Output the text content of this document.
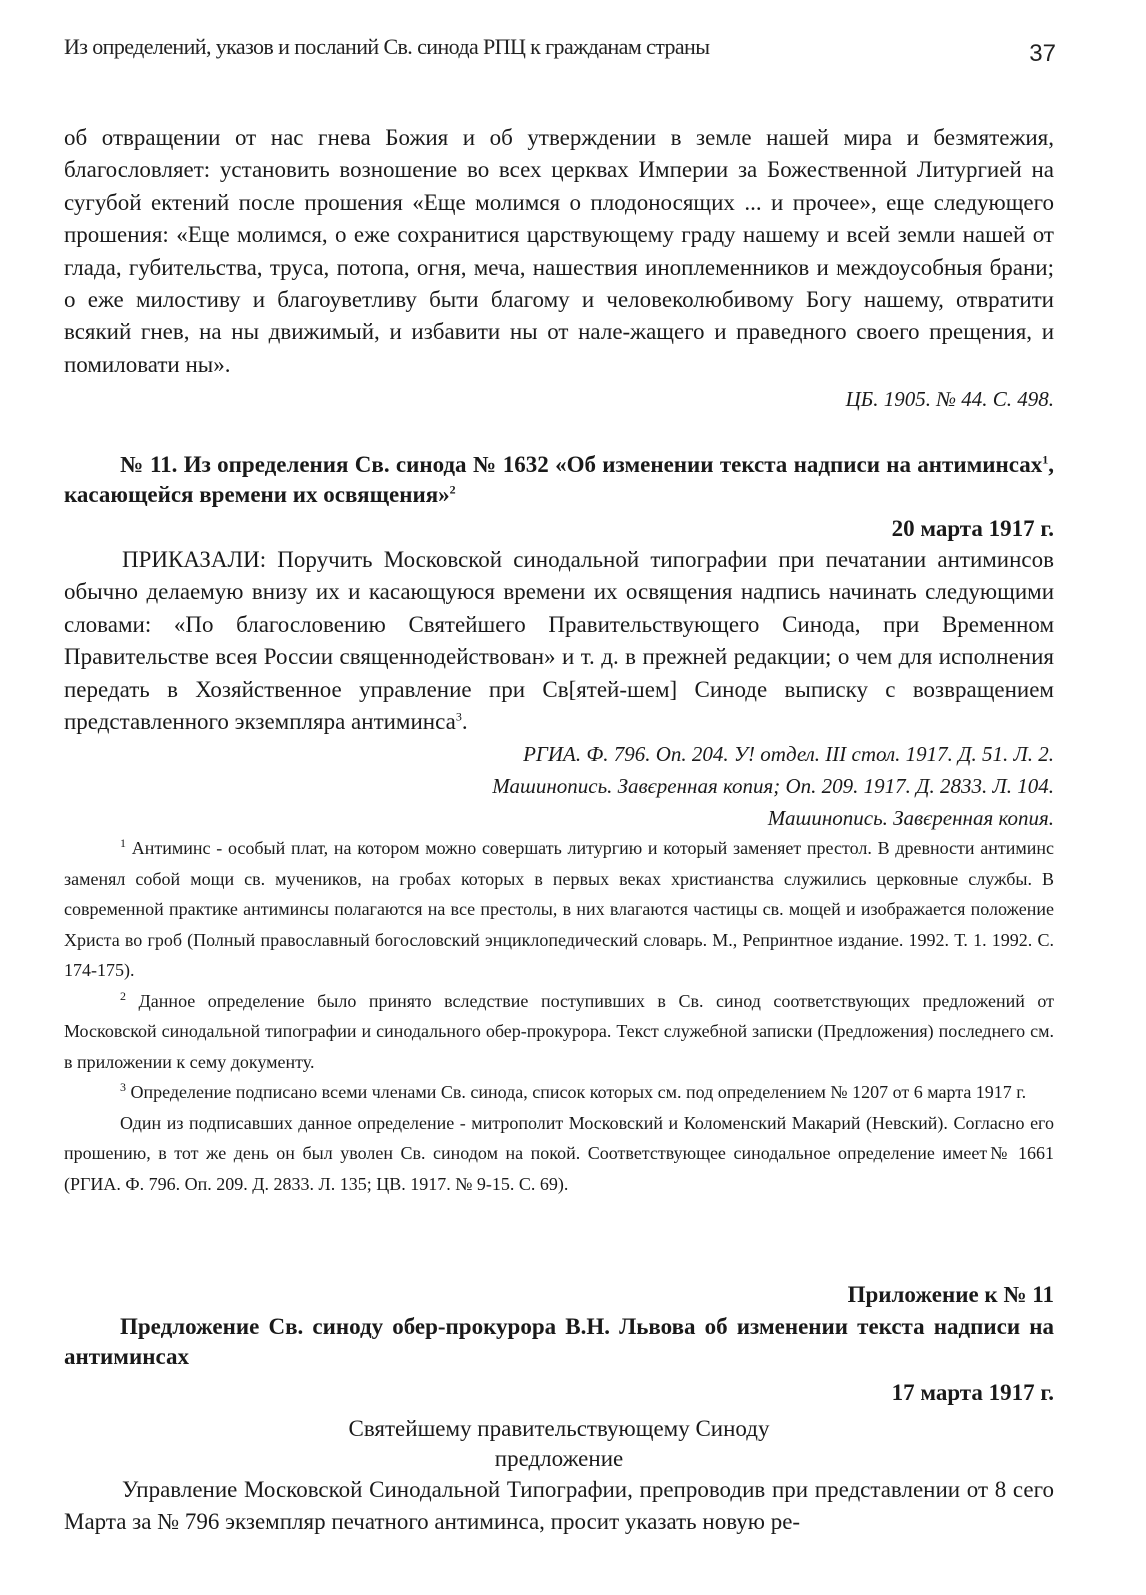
Из определений, указов и посланий Св. синода РПЦ к гражданам страны	37

об отвращении от нас гнева Божия и об утверждении в земле нашей мира и безмятежия, благословляет: установить возношение во всех церквах Империи за Божественной Литургией на сугубой ектений после прошения «Еще молимся о плодоносящих ... и прочее», еще следующего прошения: «Еще молимся, о еже сохранитися царствующему граду нашему и всей земли нашей от глада, губительства, труса, потопа, огня, меча, нашествия иноплеменников и междоусобныя брани; о еже милостиву и благоуветливу быти благому и человеколюбивому Богу нашему, отвратити всякий гнев, на ны движимый, и избавити ны от нале-жащего и праведного своего прещения, и помиловати ны».

ЦБ. 1905. № 44. С. 498.

№ 11. Из определения Св. синода № 1632 «Об изменении текста надписи на антиминсах$^1$, касающейся времени их освящения»$^2$

20 марта 1917 г.

ПРИКАЗАЛИ: Поручить Московской синодальной типографии при печатании антиминсов обычно делаемую внизу их и касающуюся времени их освящения надпись начинать следующими словами: «По благословению Святейшего Правительствующего Синода, при Временном Правительстве всея России священнодействован» и т. д. в прежней редакции; о чем для исполнения передать в Хозяйственное управление при Св[ятей-шем] Синоде выписку с возвращением представленного экземпляра антиминса$^3$.

РГИА. Ф. 796. Оп. 204. У! отдел. III стол. 1917. Д. 51. Л. 2.

Машинопись. Завєренная копия; Оп. 209. 1917. Д. 2833. Л. 104.

Машинопись. Завєренная копия.

$^1$ Антиминс - особый плат, на котором можно совершать литургию и который заменяет престол. В древности антиминс заменял собой мощи св. мучеников, на гробах которых в первых веках христианства служились церковные службы. В современной практике антиминсы полагаются на все престолы, в них влагаются частицы св. мощей и изображается положение Христа во гроб (Полный православный богословский энциклопедический словарь. М., Репринтное издание. 1992. Т. 1. 1992. С. 174-175).

$^2$ Данное определение было принято вследствие поступивших в Св. синод соответствующих предложений от Московской синодальной типографии и синодального обер-прокурора. Текст служебной записки (Предложения) последнего см. в приложении к сему документу.

$^3$ Определение подписано всеми членами Св. синода, список которых см. под определением № 1207 от 6 марта 1917 г.

Один из подписавших данное определение - митрополит Московский и Коломенский Макарий (Невский). Согласно его прошению, в тот же день он был уволен Св. синодом на покой. Соответствующее синодальное определение имеет№ 1661 (РГИА. Ф. 796. Оп. 209. Д. 2833. Л. 135; ЦВ. 1917. № 9-15. С. 69).

Приложение к № 11

Предложение Св. синоду обер-прокурора В.Н. Львова об изменении текста надписи на антиминсах

17 марта 1917 г.

Святейшему правительствующему Синоду

предложение

Управление Московской Синодальной Типографии, препроводив при представлении от 8 сего Марта за № 796 экземпляр печатного антиминса, просит указать новую ре-
